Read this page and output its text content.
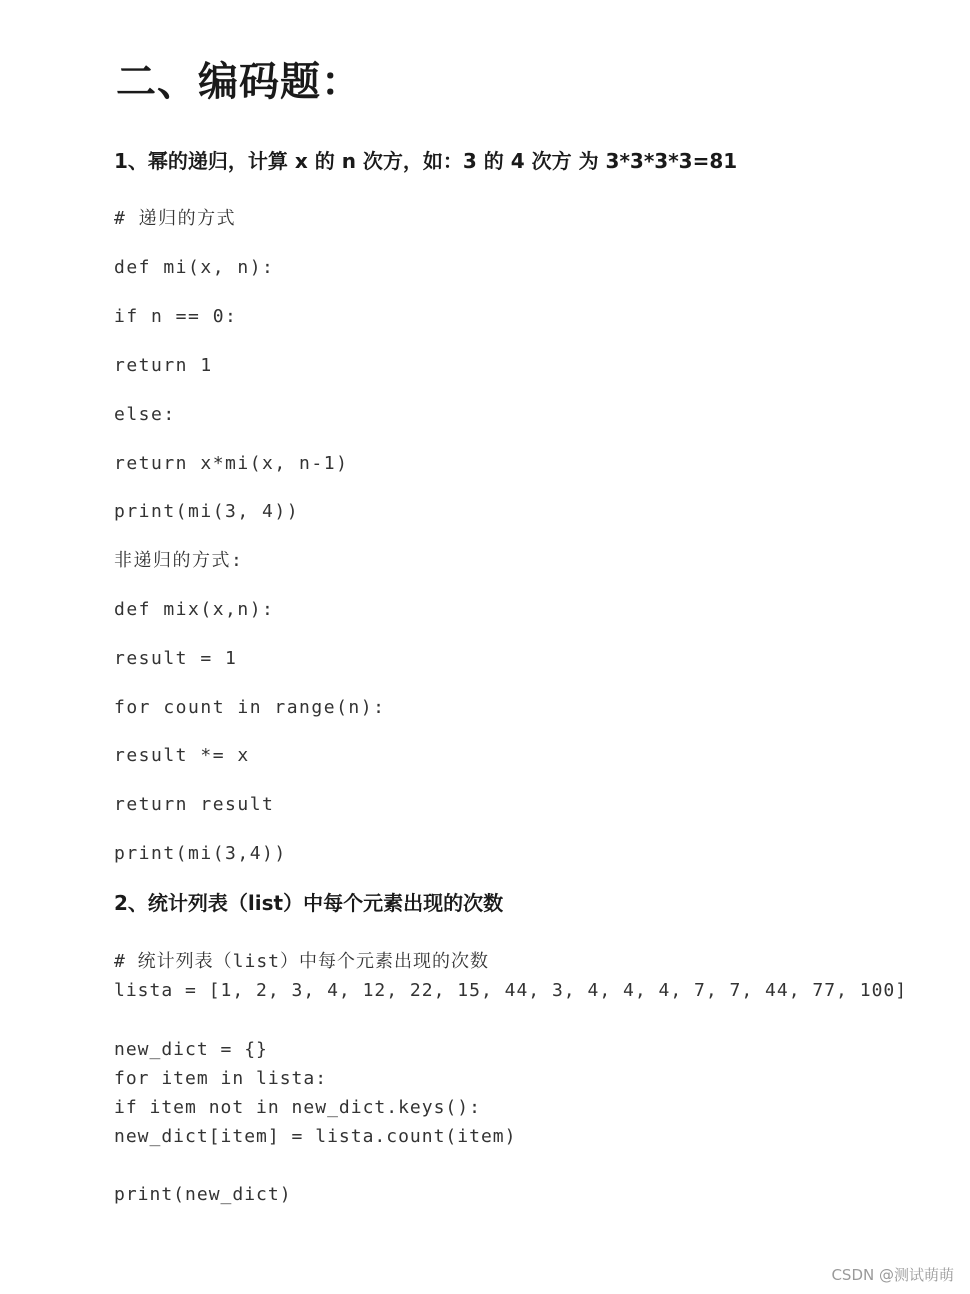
二、编码题：

1、幂的递归，计算 x 的 n 次方，如：3 的 4 次方 为 3*3*3*3=81

# 递归的方式

def mi(x, n):

if n == 0:

return 1

else:

return x*mi(x, n-1)

print(mi(3, 4))

非递归的方式:

def mix(x,n):

result = 1

for count in range(n):

result *= x

return result

print(mi(3,4))

2、统计列表（list）中每个元素出现的次数

# 统计列表（list）中每个元素出现的次数

lista = [1, 2, 3, 4, 12, 22, 15, 44, 3, 4, 4, 4, 7, 7, 44, 77, 100]

new_dict = {}

for item in lista:

if item not in new_dict.keys():

new_dict[item] = lista.count(item)

print(new_dict)

CSDN @测试萌萌
